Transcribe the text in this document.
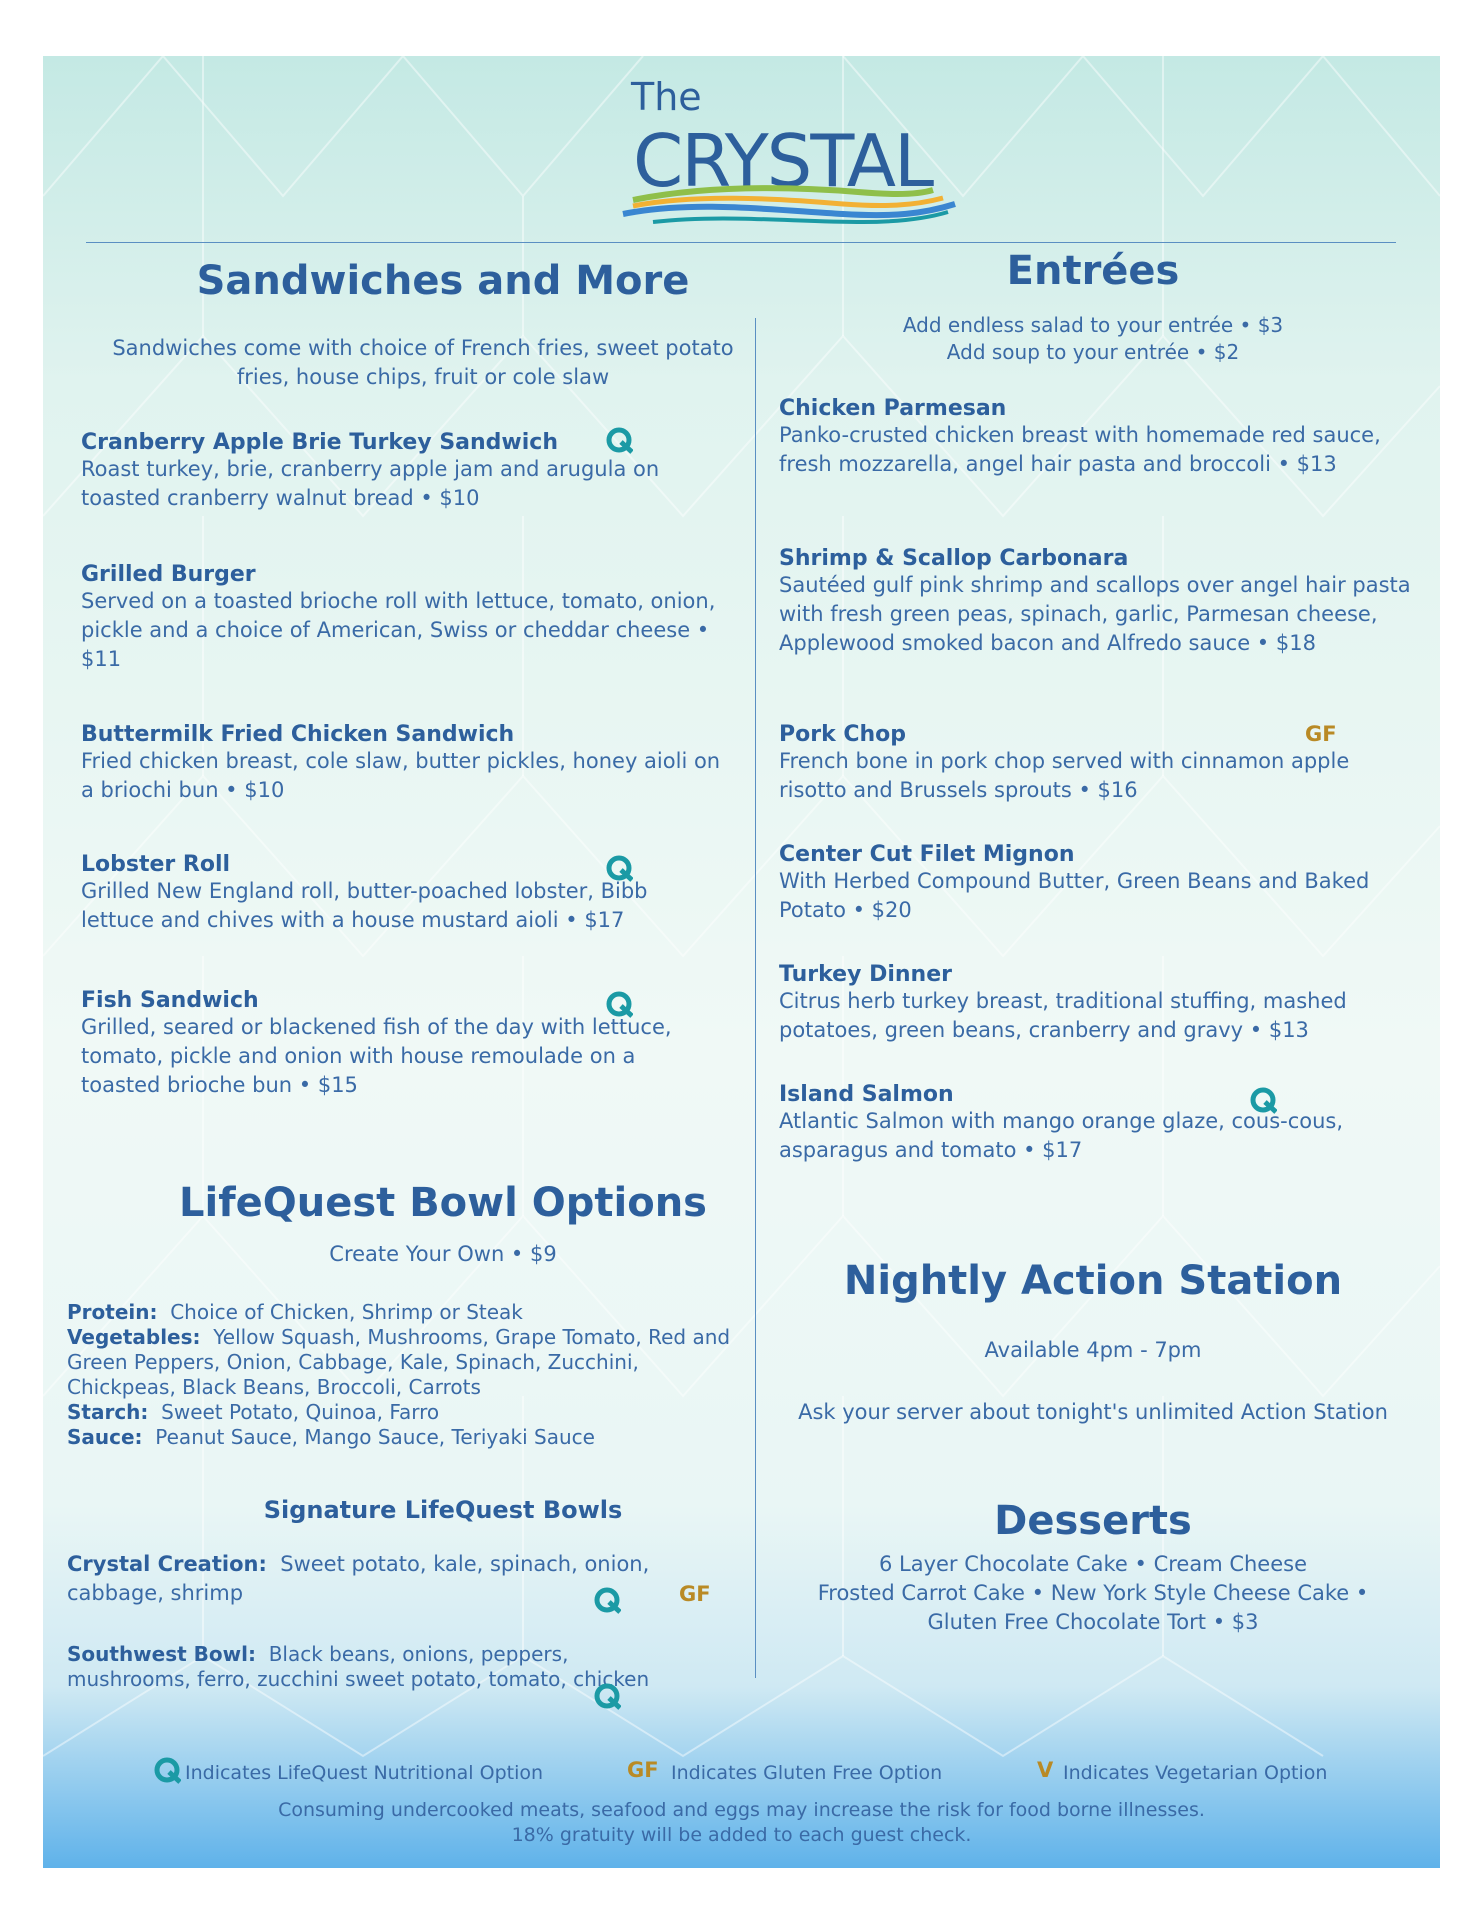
The
CRYSTAL
Sandwiches and More
Sandwiches come with choice of French fries, sweet potato fries, house chips, fruit or cole slaw
Cranberry Apple Brie Turkey Sandwich
Roast turkey, brie, cranberry apple jam and arugula on toasted cranberry walnut bread • $10
Grilled Burger
Served on a toasted brioche roll with lettuce, tomato, onion, pickle and a choice of American, Swiss or cheddar cheese • $11
Buttermilk Fried Chicken Sandwich
Fried chicken breast, cole slaw, butter pickles, honey aioli on a briochi bun • $10
Lobster Roll
Grilled New England roll, butter-poached lobster, Bibb lettuce and chives with a house mustard aioli • $17
Fish Sandwich
Grilled, seared or blackened fish of the day with lettuce, tomato, pickle and onion with house remoulade on a toasted brioche bun • $15
LifeQuest Bowl Options
Create Your Own • $9
Protein: Choice of Chicken, Shrimp or Steak
Vegetables: Yellow Squash, Mushrooms, Grape Tomato, Red and Green Peppers, Onion, Cabbage, Kale, Spinach, Zucchini, Chickpeas, Black Beans, Broccoli, Carrots
Starch: Sweet Potato, Quinoa, Farro
Sauce: Peanut Sauce, Mango Sauce, Teriyaki Sauce
Signature LifeQuest Bowls
Crystal Creation: Sweet potato, kale, spinach, onion, cabbage, shrimp	GF
Southwest Bowl: Black beans, onions, peppers, mushrooms, ferro, zucchini sweet potato, tomato, chicken
Entrées
Add endless salad to your entrée • $3
Add soup to your entrée • $2
Chicken Parmesan
Panko-crusted chicken breast with homemade red sauce, fresh mozzarella, angel hair pasta and broccoli • $13
Shrimp & Scallop Carbonara
Sautéed gulf pink shrimp and scallops over angel hair pasta with fresh green peas, spinach, garlic, Parmesan cheese, Applewood smoked bacon and Alfredo sauce • $18
Pork Chop
French bone in pork chop served with cinnamon apple risotto and Brussels sprouts • $16
GF
Center Cut Filet Mignon
With Herbed Compound Butter, Green Beans and Baked Potato • $20
Turkey Dinner
Citrus herb turkey breast, traditional stuffing, mashed potatoes, green beans, cranberry and gravy • $13
Island Salmon
Atlantic Salmon with mango orange glaze, cous-cous, asparagus and tomato • $17
Nightly Action Station
Available 4pm - 7pm
Ask your server about tonight's unlimited Action Station
Desserts
6 Layer Chocolate Cake • Cream Cheese
Frosted Carrot Cake • New York Style Cheese Cake •
Gluten Free Chocolate Tort • $3
Indicates LifeQuest Nutritional Option	GF Indicates Gluten Free Option	V Indicates Vegetarian Option
Consuming undercooked meats, seafood and eggs may increase the risk for food borne illnesses.
18% gratuity will be added to each guest check.
